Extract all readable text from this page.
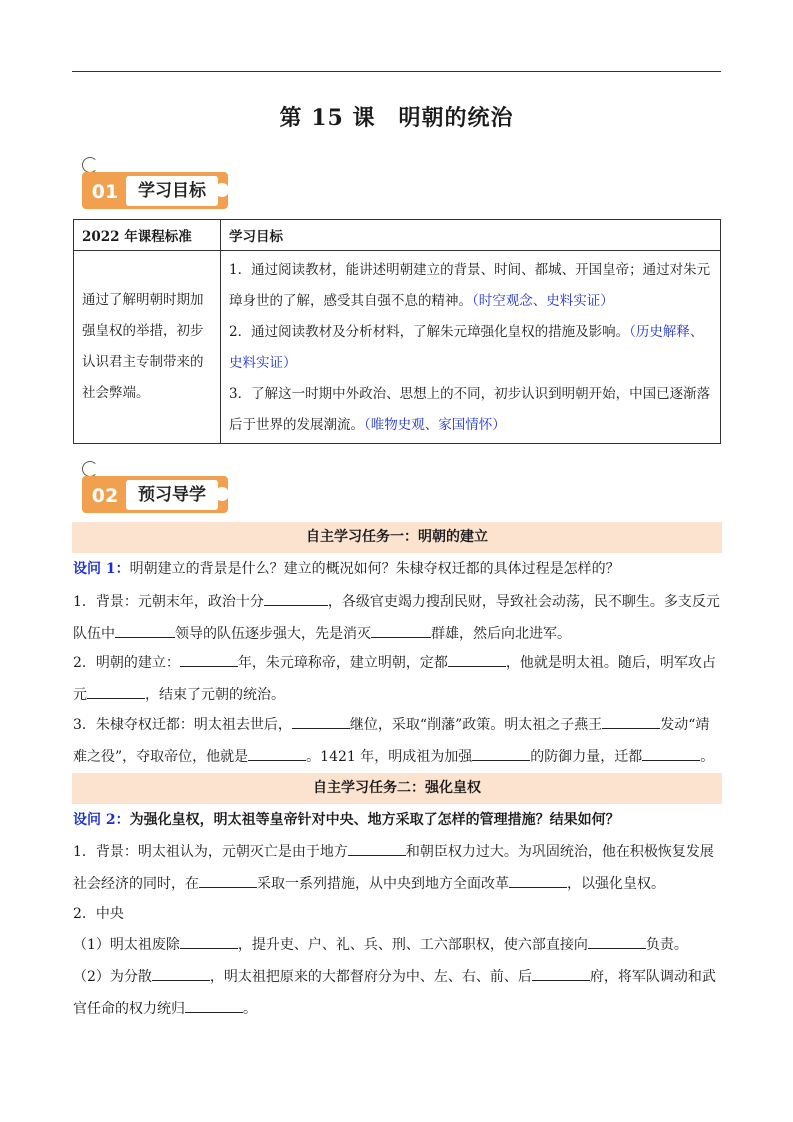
第 15 课　明朝的统治
01	学习目标
2022 年课程标准	学习目标
通过了解明朝时期加强皇权的举措，初步认识君主专制带来的社会弊端。	1．通过阅读教材，能讲述明朝建立的背景、时间、都城、开国皇帝；通过对朱元璋身世的了解，感受其自强不息的精神。（时空观念、史料实证）
2．通过阅读教材及分析材料，了解朱元璋强化皇权的措施及影响。（历史解释、史料实证）
3．了解这一时期中外政治、思想上的不同，初步认识到明朝开始，中国已逐渐落后于世界的发展潮流。（唯物史观、家国情怀）
02	预习导学
自主学习任务一：明朝的建立
设问 1：明朝建立的背景是什么？建立的概况如何？朱棣夺权迁都的具体过程是怎样的？
1．背景：元朝末年，政治十分	，各级官吏竭力搜刮民财，导致社会动荡，民不聊生。多支反元队伍中	领导的队伍逐步强大，先是消灭	群雄，然后向北进军。
2．明朝的建立：	年，朱元璋称帝，建立明朝，定都	，他就是明太祖。随后，明军攻占元	，结束了元朝的统治。
3．朱棣夺权迁都：明太祖去世后，	继位，采取“削藩”政策。明太祖之子燕王	发动“靖难之役”，夺取帝位，他就是	。1421 年，明成祖为加强	的防御力量，迁都	。
自主学习任务二：强化皇权
设问 2：为强化皇权，明太祖等皇帝针对中央、地方采取了怎样的管理措施？结果如何？
1．背景：明太祖认为，元朝灭亡是由于地方	和朝臣权力过大。为巩固统治，他在积极恢复发展社会经济的同时，在	采取一系列措施，从中央到地方全面改革	，以强化皇权。
2．中央
（1）明太祖废除	，提升吏、户、礼、兵、刑、工六部职权，使六部直接向	负责。
（2）为分散	，明太祖把原来的大都督府分为中、左、右、前、后	府，将军队调动和武官任命的权力统归	。
